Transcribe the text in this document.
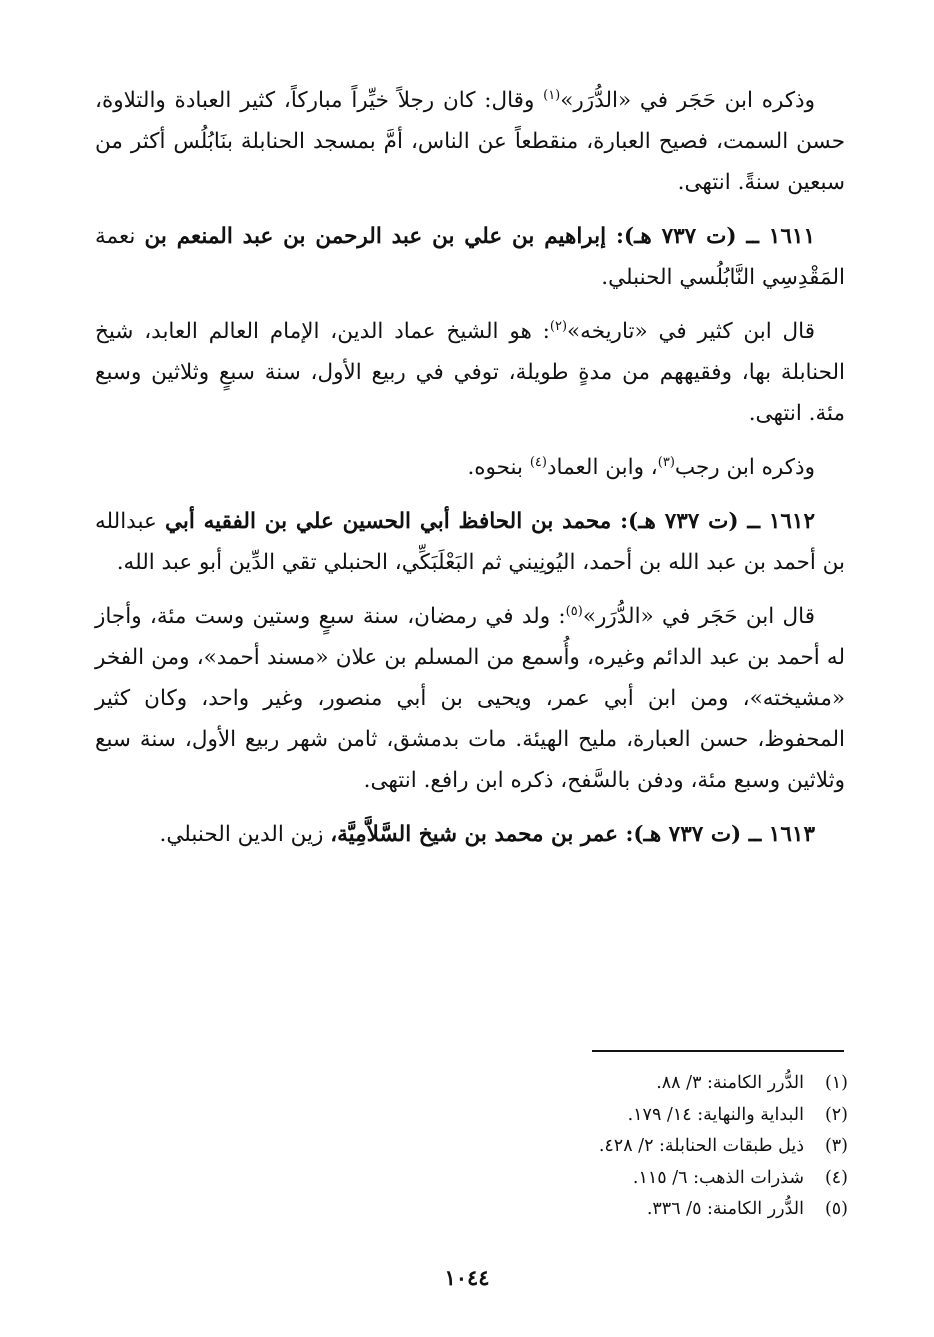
وذكره ابن حَجَر في «الدُّرَر»$^{(١)}$ وقال: كان رجلاً خيِّراً مباركاً، كثير العبادة والتلاوة، حسن السمت، فصيح العبارة، منقطعاً عن الناس، أمَّ بمسجد الحنابلة بنَابُلُس أكثر من سبعين سنةً. انتهى.

١٦١١ ــ (ت ٧٣٧ هـ): إبراهيم بن علي بن عبد الرحمن بن عبد المنعم بن نعمة المَقْدِسِي النَّابُلُسي الحنبلي.

قال ابن كثير في «تاريخه»$^{(٢)}$: هو الشيخ عماد الدين، الإمام العالم العابد، شيخ الحنابلة بها، وفقيههم من مدةٍ طويلة، توفي في ربيع الأول، سنة سبعٍ وثلاثين وسبع مئة. انتهى.

وذكره ابن رجب$^{(٣)}$، وابن العماد$^{(٤)}$ بنحوه.

١٦١٢ ــ (ت ٧٣٧ هـ): محمد بن الحافظ أبي الحسين علي بن الفقيه أبي عبدالله بن أحمد بن عبد الله بن أحمد، اليُونِيني ثم البَعْلَبَكِّي، الحنبلي تقي الدِّين أبو عبد الله.

قال ابن حَجَر في «الدُّرَر»$^{(٥)}$: ولد في رمضان، سنة سبعٍ وستين وست مئة، وأجاز له أحمد بن عبد الدائم وغيره، وأُسمع من المسلم بن علان «مسند أحمد»، ومن الفخر «مشيخته»، ومن ابن أبي عمر، ويحيى بن أبي منصور، وغير واحد، وكان كثير المحفوظ، حسن العبارة، مليح الهيئة. مات بدمشق، ثامن شهر ربيع الأول، سنة سبع وثلاثين وسبع مئة، ودفن بالسَّفح، ذكره ابن رافع. انتهى.

١٦١٣ ــ (ت ٧٣٧ هـ): عمر بن محمد بن شيخ السَّلاَّمِيَّة، زين الدين الحنبلي.

(١)
الدُّرر الكامنة: ٣/ ٨٨.
(٢)
البداية والنهاية: ١٤/ ١٧٩.
(٣)
ذيل طبقات الحنابلة: ٢/ ٤٢٨.
(٤)
شذرات الذهب: ٦/ ١١٥.
(٥)
الدُّرر الكامنة: ٥/ ٣٣٦.
١٠٤٤
